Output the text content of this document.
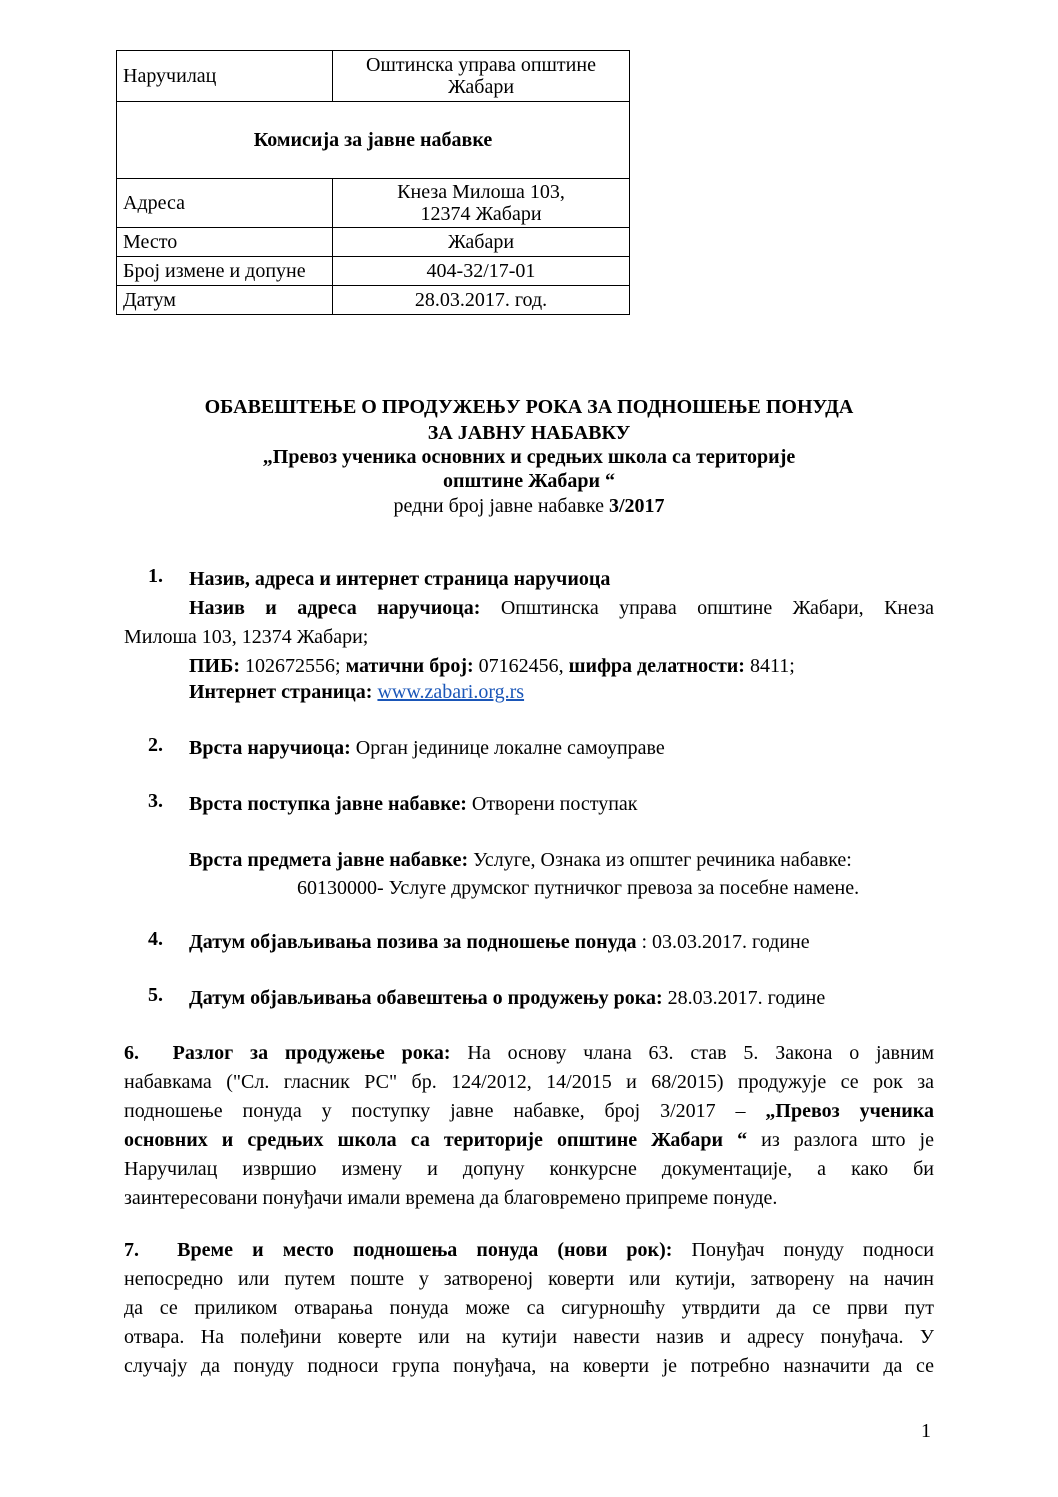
Наручилац	Оштинска управа општине
Жабари

Комисија за јавне набавке	
Адреса	Кнеза Милоша 103,
12374 Жабари

Место	Жабари
Број измене и допуне	404-32/17-01
Датум	28.03.2017. год.
ОБАВЕШТЕЊЕ О ПРОДУЖЕЊУ РОКА ЗА ПОДНОШЕЊЕ ПОНУДА
ЗА ЈАВНУ НАБАВКУ
„Превоз ученика основних и средњих школа са територије
општине Жабари “
редни број јавне набавке 3/2017
1. Назив, адреса и интернет страница наручиоца
Назив и адреса наручиоца: Општинска управа општине Жабари, Кнеза
Милоша 103, 12374 Жабари;
ПИБ: 102672556; матични број: 07162456, шифра делатности: 8411;
Интернет страница: www.zabari.org.rs
2. Врста наручиоца: Орган јединице локалне самоуправе
3. Врста поступка јавне набавке: Отворени поступак
Врста предмета јавне набавке: Услуге, Ознака из општег речиника набавке:
60130000- Услуге друмског путничког превоза за посебне намене.
4. Датум објављивања позива за подношење понуда : 03.03.2017. године
5. Датум објављивања обавештења о продужењу рока: 28.03.2017. године
6. Разлог за продужење рока: На основу члана 63. став 5. Закона о јавним
набавкама ("Сл. гласник РС" бр. 124/2012, 14/2015 и 68/2015) продужује се рок за
подношење понуда у поступку јавне набавке, број 3/2017 – „Превоз ученика
основних и средњих школа са територије општине Жабари “ из разлога што је
Наручилац извршио измену и допуну конкурсне документације, а како би
заинтересовани понуђачи имали времена да благовремено припреме понуде.
7. Време и место подношења понуда (нови рок): Понуђач понуду подноси
непосредно или путем поште у затвореној коверти или кутији, затворену на начин
да се приликом отварања понуда може са сигурношћу утврдити да се први пут
отвара. На полеђини коверте или на кутији навести назив и адресу понуђача. У
случају да понуду подноси група понуђача, на коверти је потребно назначити да се
1
